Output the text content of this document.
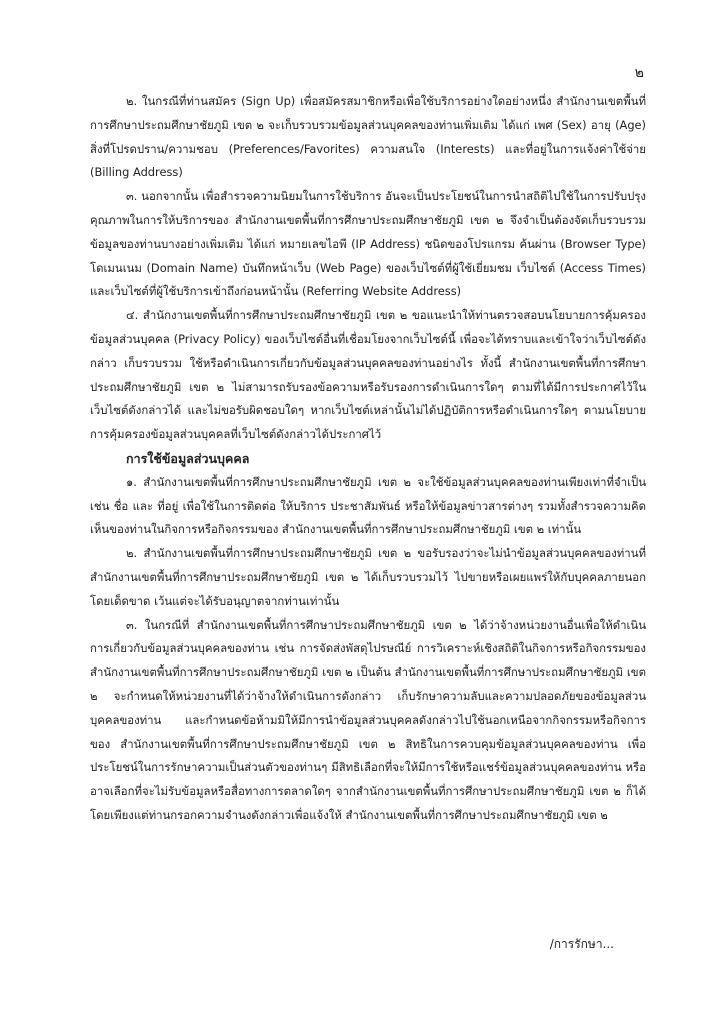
๒

๒. ในกรณีที่ท่านสมัคร (Sign Up) เพื่อสมัครสมาชิกหรือเพื่อใช้บริการอย่างใดอย่างหนึ่ง สำนักงานเขตพื้นที่การศึกษาประถมศึกษาชัยภูมิ เขต ๒ จะเก็บรวบรวมข้อมูลส่วนบุคคลของท่านเพิ่มเติม ได้แก่ เพศ (Sex) อายุ (Age) สิ่งที่โปรดปราน/ความชอบ (Preferences/Favorites) ความสนใจ (Interests) และที่อยู่ในการแจ้งค่าใช้จ่าย (Billing Address)

๓. นอกจากนั้น เพื่อสำรวจความนิยมในการใช้บริการ อันจะเป็นประโยชน์ในการนำสถิติไปใช้ในการปรับปรุงคุณภาพในการให้บริการของ สำนักงานเขตพื้นที่การศึกษาประถมศึกษาชัยภูมิ เขต ๒ จึงจำเป็นต้องจัดเก็บรวบรวมข้อมูลของท่านบางอย่างเพิ่มเติม ได้แก่ หมายเลขไอพี (IP Address) ชนิดของโปรแกรม ค้นผ่าน (Browser Type) โดเมนเนม (Domain Name) บันทึกหน้าเว็บ (Web Page) ของเว็บไซต์ที่ผู้ใช้เยี่ยมชม เว็บไซต์ (Access Times) และเว็บไซต์ที่ผู้ใช้บริการเข้าถึงก่อนหน้านั้น (Referring Website Address)

๔. สำนักงานเขตพื้นที่การศึกษาประถมศึกษาชัยภูมิ เขต ๒ ขอแนะนำให้ท่านตรวจสอบนโยบายการคุ้มครองข้อมูลส่วนบุคคล (Privacy Policy) ของเว็บไซต์อื่นที่เชื่อมโยงจากเว็บไซต์นี้ เพื่อจะได้ทราบและเข้าใจว่าเว็บไซต์ดังกล่าว เก็บรวบรวม ใช้หรือดำเนินการเกี่ยวกับข้อมูลส่วนบุคคลของท่านอย่างไร ทั้งนี้ สำนักงานเขตพื้นที่การศึกษาประถมศึกษาชัยภูมิ เขต ๒ ไม่สามารถรับรองข้อความหรือรับรองการดำเนินการใดๆ ตามที่ได้มีการประกาศไว้ในเว็บไซต์ดังกล่าวได้ และไม่ขอรับผิดชอบใดๆ หากเว็บไซต์เหล่านั้นไม่ได้ปฏิบัติการหรือดำเนินการใดๆ ตามนโยบายการคุ้มครองข้อมูลส่วนบุคคลที่เว็บไซต์ดังกล่าวได้ประกาศไว้

การใช้ข้อมูลส่วนบุคคล

๑. สำนักงานเขตพื้นที่การศึกษาประถมศึกษาชัยภูมิ เขต ๒ จะใช้ข้อมูลส่วนบุคคลของท่านเพียงเท่าที่จำเป็น เช่น ชื่อ และ ที่อยู่ เพื่อใช้ในการติดต่อ ให้บริการ ประชาสัมพันธ์ หรือให้ข้อมูลข่าวสารต่างๆ รวมทั้งสำรวจความคิดเห็นของท่านในกิจการหรือกิจกรรมของ สำนักงานเขตพื้นที่การศึกษาประถมศึกษาชัยภูมิ เขต ๒ เท่านั้น

๒. สำนักงานเขตพื้นที่การศึกษาประถมศึกษาชัยภูมิ เขต ๒ ขอรับรองว่าจะไม่นำข้อมูลส่วนบุคคลของท่านที่ สำนักงานเขตพื้นที่การศึกษาประถมศึกษาชัยภูมิ เขต ๒ ได้เก็บรวบรวมไว้ ไปขายหรือเผยแพร่ให้กับบุคคลภายนอกโดยเด็ดขาด เว้นแต่จะได้รับอนุญาตจากท่านเท่านั้น

๓. ในกรณีที่ สำนักงานเขตพื้นที่การศึกษาประถมศึกษาชัยภูมิ เขต ๒ ได้ว่าจ้างหน่วยงานอื่นเพื่อให้ดำเนินการเกี่ยวกับข้อมูลส่วนบุคคลของท่าน เช่น การจัดส่งพัสดุไปรษณีย์ การวิเคราะห์เชิงสถิติในกิจการหรือกิจกรรมของ สำนักงานเขตพื้นที่การศึกษาประถมศึกษาชัยภูมิ เขต ๒ เป็นต้น สำนักงานเขตพื้นที่การศึกษาประถมศึกษาชัยภูมิ เขต ๒ จะกำหนดให้หน่วยงานที่ได้ว่าจ้างให้ดำเนินการดังกล่าว เก็บรักษาความลับและความปลอดภัยของข้อมูลส่วนบุคคลของท่าน และกำหนดข้อห้ามมิให้มีการนำข้อมูลส่วนบุคคลดังกล่าวไปใช้นอกเหนือจากกิจกรรมหรือกิจการของ สำนักงานเขตพื้นที่การศึกษาประถมศึกษาชัยภูมิ เขต ๒ สิทธิในการควบคุมข้อมูลส่วนบุคคลของท่าน เพื่อประโยชน์ในการรักษาความเป็นส่วนตัวของท่านๆ มีสิทธิเลือกที่จะให้มีการใช้หรือแชร์ข้อมูลส่วนบุคคลของท่าน หรืออาจเลือกที่จะไม่รับข้อมูลหรือสื่อทางการตลาดใดๆ จากสำนักงานเขตพื้นที่การศึกษาประถมศึกษาชัยภูมิ เขต ๒ ก็ได้ โดยเพียงแต่ท่านกรอกความจำนงดังกล่าวเพื่อแจ้งให้ สำนักงานเขตพื้นที่การศึกษาประถมศึกษาชัยภูมิ เขต ๒

/การรักษา...
